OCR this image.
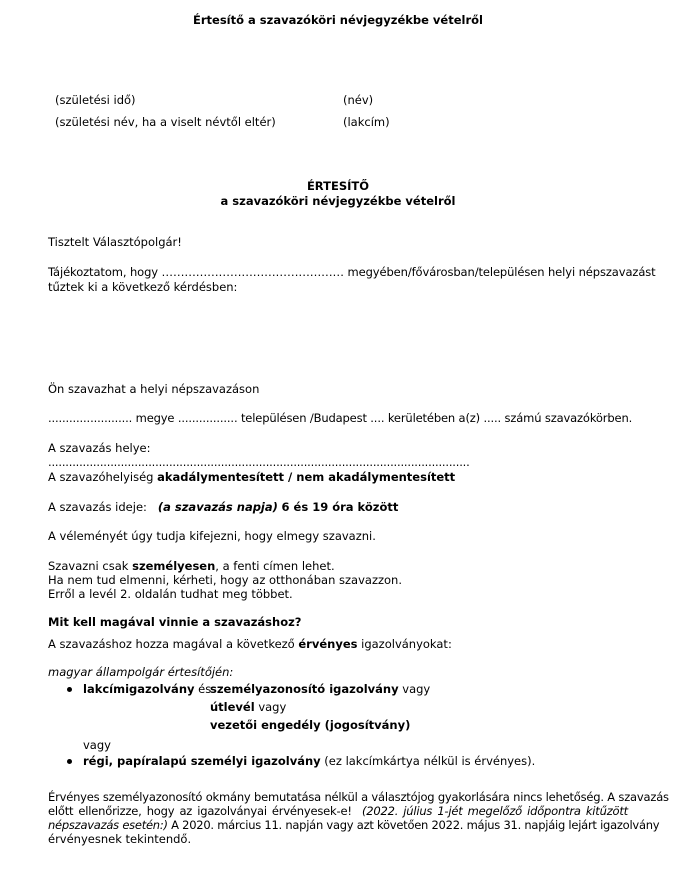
Értesítő a szavazóköri névjegyzékbe vételről
(születési idő)	(név)
(születési név, ha a viselt névtől eltér)	(lakcím)
ÉRTESÍTŐ
a szavazóköri névjegyzékbe vételről
Tisztelt Választópolgár!
Tájékoztatom, hogy ………………………………………… megyében/fővárosban/településen helyi népszavazást
tűztek ki a következő kérdésben:
Ön szavazhat a helyi népszavazáson
........................ megye ................. településen /Budapest .... kerületében a(z) ..... számú szavazókörben.
A szavazás helye:
..........................................................................................................................
A szavazóhelyiség akadálymentesített / nem akadálymentesített
A szavazás ideje: (a szavazás napja) 6 és 19 óra között
A véleményét úgy tudja kifejezni, hogy elmegy szavazni.
Szavazni csak személyesen, a fenti címen lehet.
Ha nem tud elmenni, kérheti, hogy az otthonában szavazzon.
Erről a levél 2. oldalán tudhat meg többet.
Mit kell magával vinnie a szavazáshoz?
A szavazáshoz hozza magával a következő érvényes igazolványokat:
magyar állampolgár értesítőjén:
lakcímigazolvány és
személyazonosító igazolvány vagy
útlevél vagy
vezetői engedély (jogosítvány)
vagy
régi, papíralapú személyi igazolvány (ez lakcímkártya nélkül is érvényes).
Érvényes személyazonosító okmány bemutatása nélkül a választójog gyakorlására nincs lehetőség. A szavazás
előtt ellenőrizze, hogy az igazolványai érvényesek-e! (2022. július 1-jét megelőző időpontra kitűzött
népszavazás esetén:) A 2020. március 11. napján vagy azt követően 2022. május 31. napjáig lejárt igazolvány
érvényesnek tekintendő.
